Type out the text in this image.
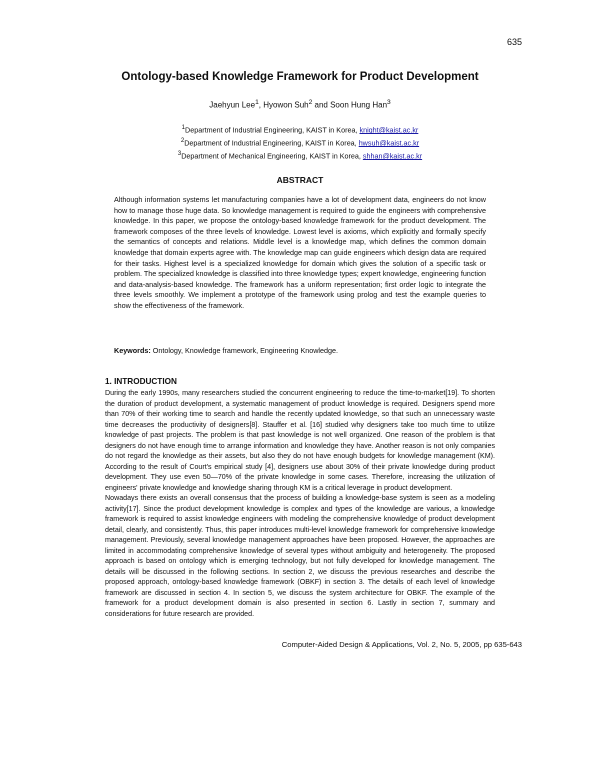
635
Ontology-based Knowledge Framework for Product Development
Jaehyun Lee$^1$, Hyowon Suh$^2$ and Soon Hung Han$^3$
$^1$Department of Industrial Engineering, KAIST in Korea, knight@kaist.ac.kr
$^2$Department of Industrial Engineering, KAIST in Korea, hwsuh@kaist.ac.kr
$^3$Department of Mechanical Engineering, KAIST in Korea, shhan@kaist.ac.kr
ABSTRACT

Although information systems let manufacturing companies have a lot of development data, engineers do not know how to manage those huge data. So knowledge management is required to guide the engineers with comprehensive knowledge. In this paper, we propose the ontology-based knowledge framework for the product development. The framework composes of the three levels of knowledge. Lowest level is axioms, which explicitly and formally specify the semantics of concepts and relations. Middle level is a knowledge map, which defines the common domain knowledge that domain experts agree with. The knowledge map can guide engineers which design data are required for their tasks. Highest level is a specialized knowledge for domain which gives the solution of a specific task or problem. The specialized knowledge is classified into three knowledge types; expert knowledge, engineering function and data-analysis-based knowledge. The framework has a uniform representation; first order logic to integrate the three levels smoothly. We implement a prototype of the framework using prolog and test the example queries to show the effectiveness of the framework.

Keywords: Ontology, Knowledge framework, Engineering Knowledge.

1. INTRODUCTION

During the early 1990s, many researchers studied the concurrent engineering to reduce the time-to-market[19]. To shorten the duration of product development, a systematic management of product knowledge is required. Designers spend more than 70% of their working time to search and handle the recently updated knowledge, so that such an unnecessary waste time decreases the productivity of designers[8]. Stauffer et al. [16] studied why designers take too much time to utilize knowledge of past projects. The problem is that past knowledge is not well organized. One reason of the problem is that designers do not have enough time to arrange information and knowledge they have. Another reason is not only companies do not regard the knowledge as their assets, but also they do not have enough budgets for knowledge management (KM). According to the result of Court's empirical study [4], designers use about 30% of their private knowledge during product development. They use even 50—70% of the private knowledge in some cases. Therefore, increasing the utilization of engineers' private knowledge and knowledge sharing through KM is a critical leverage in product development.

Nowadays there exists an overall consensus that the process of building a knowledge-base system is seen as a modeling activity[17]. Since the product development knowledge is complex and types of the knowledge are various, a knowledge framework is required to assist knowledge engineers with modeling the comprehensive knowledge of product development detail, clearly, and consistently. Thus, this paper introduces multi-level knowledge framework for comprehensive knowledge management. Previously, several knowledge management approaches have been proposed. However, the approaches are limited in accommodating comprehensive knowledge of several types without ambiguity and heterogeneity. The proposed approach is based on ontology which is emerging technology, but not fully developed for knowledge management. The details will be discussed in the following sections. In section 2, we discuss the previous researches and describe the proposed approach, ontology-based knowledge framework (OBKF) in section 3. The details of each level of knowledge framework are discussed in section 4. In section 5, we discuss the system architecture for OBKF. The example of the framework for a product development domain is also presented in section 6. Lastly in section 7, summary and considerations for future research are provided.

Computer-Aided Design & Applications, Vol. 2, No. 5, 2005, pp 635-643
